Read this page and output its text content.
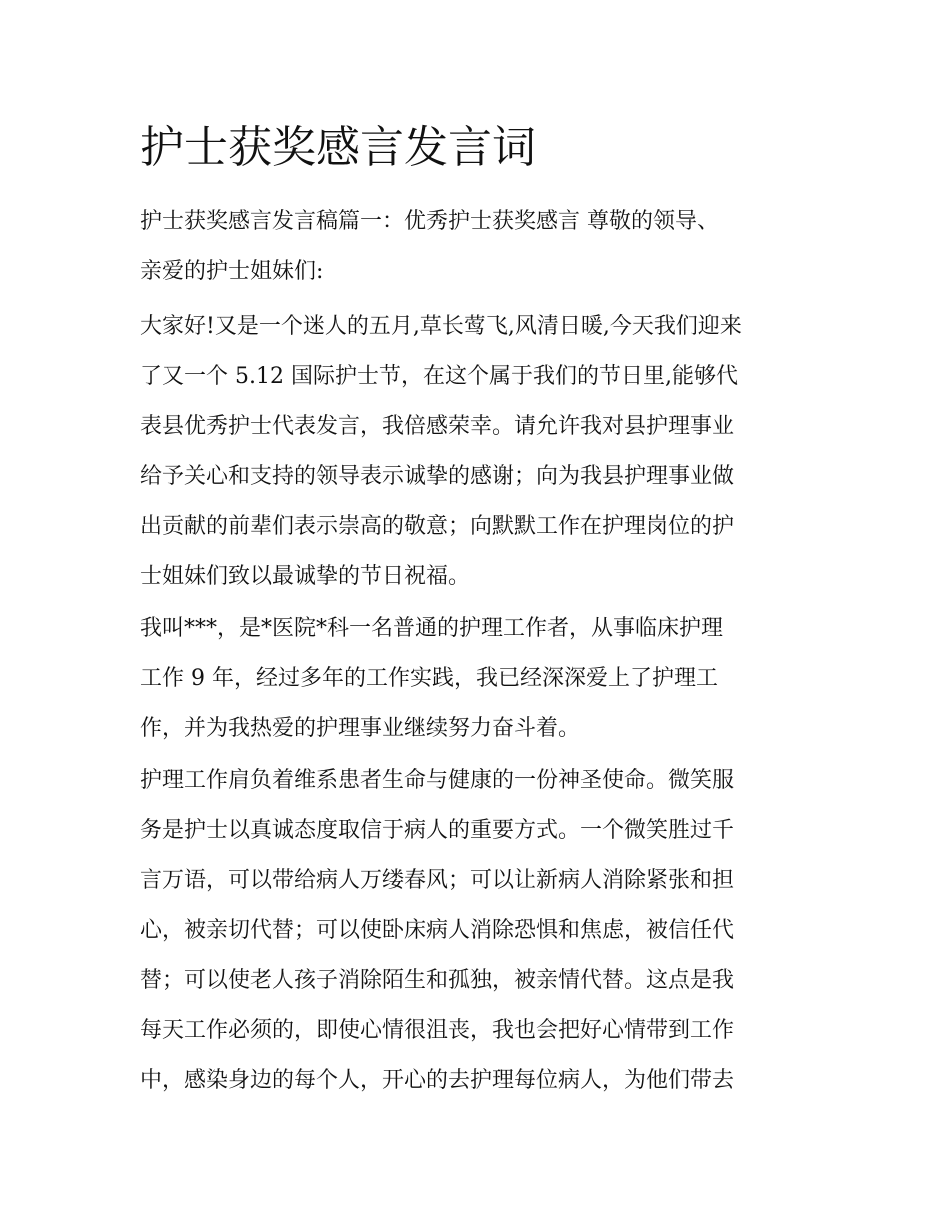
护士获奖感言发言词

护士获奖感言发言稿篇一：优秀护士获奖感言 尊敬的领导、
亲爱的护士姐妹们:

大家好!又是一个迷人的五月,草长莺飞,风清日暖,今天我们迎来
了又一个 5.12 国际护士节，在这个属于我们的节日里,能够代
表县优秀护士代表发言，我倍感荣幸。请允许我对县护理事业
给予关心和支持的领导表示诚挚的感谢；向为我县护理事业做
出贡献的前辈们表示崇高的敬意；向默默工作在护理岗位的护
士姐妹们致以最诚挚的节日祝福。

我叫***，是*医院*科一名普通的护理工作者，从事临床护理
工作 9 年，经过多年的工作实践，我已经深深爱上了护理工
作，并为我热爱的护理事业继续努力奋斗着。

护理工作肩负着维系患者生命与健康的一份神圣使命。微笑服
务是护士以真诚态度取信于病人的重要方式。一个微笑胜过千
言万语，可以带给病人万缕春风；可以让新病人消除紧张和担
心，被亲切代替；可以使卧床病人消除恐惧和焦虑，被信任代
替；可以使老人孩子消除陌生和孤独，被亲情代替。这点是我
每天工作必须的，即使心情很沮丧，我也会把好心情带到工作
中，感染身边的每个人，开心的去护理每位病人，为他们带去
